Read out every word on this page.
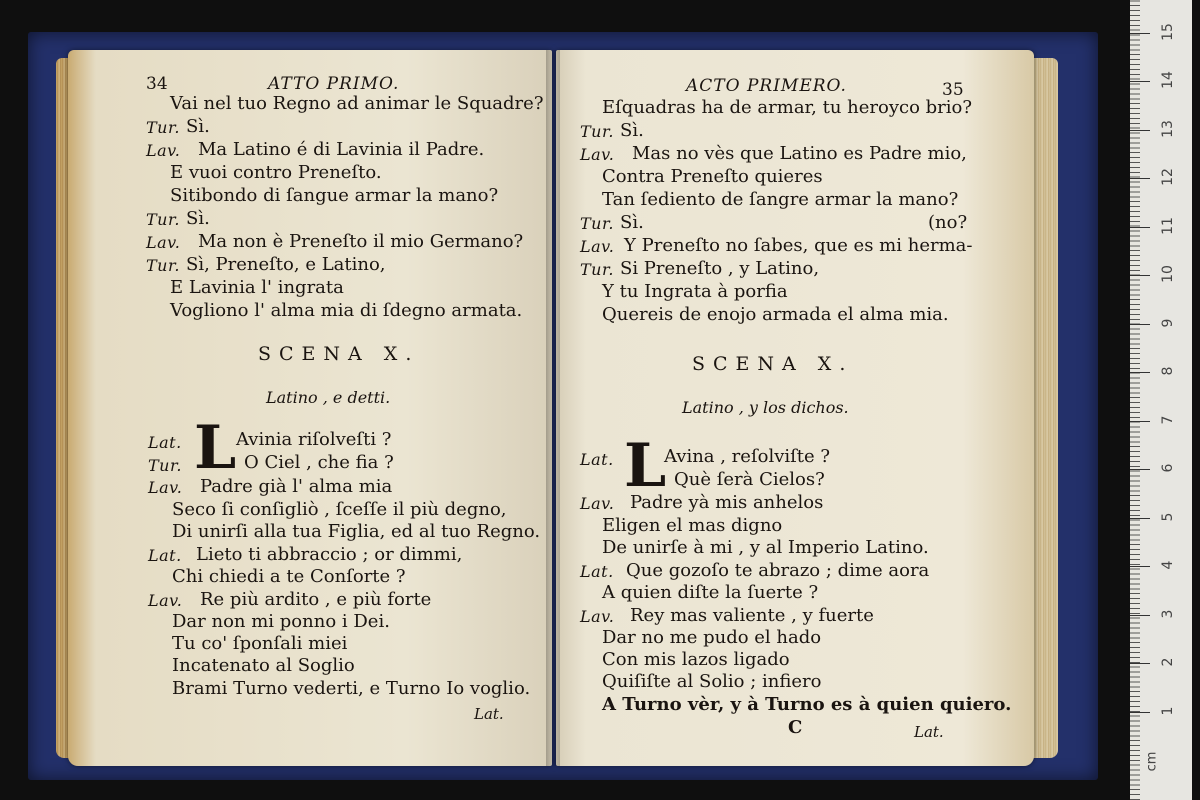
34	ATTO PRIMO.
Vai nel tuo Regno ad animar le Squadre?
Tur. Sì.
Lav. Ma Latino é di Lavinia il Padre.
E vuoi contro Preneſto.
Sitibondo di ſangue armar la mano?
Tur. Sì.
Lav. Ma non è Preneſto il mio Germano?
Tur. Sì, Preneſto, e Latino,
E Lavinia l' ingrata
Vogliono l' alma mia di ſdegno armata.
SCENA X.
Latino , e detti.
L
Lat.	Avinia riſolveſti ?
Tur.	O Ciel , che fia ?
Lav. Padre già l' alma mia
Seco ſi conſigliò , ſceſſe il più degno,
Di unirſi alla tua Figlia, ed al tuo Regno.
Lat. Lieto ti abbraccio ; or dimmi,
Chi chiedi a te Conſorte ?
Lav. Re più ardito , e più forte
Dar non mi ponno i Dei.
Tu co' ſponſali miei
Incatenato al Soglio
Brami Turno vederti, e Turno Io voglio.
Lat.
ACTO PRIMERO.	35
Eſquadras ha de armar, tu heroyco brio?
Tur. Sì.
Lav. Mas no vès que Latino es Padre mio,
Contra Preneſto quieres
Tan ſediento de ſangre armar la mano?
Tur. Sì.	(no?
Lav. Y Preneſto no ſabes, que es mi herma-
Tur. Si Preneſto , y Latino,
Y tu Ingrata à porfia
Quereis de enojo armada el alma mia.
SCENA X.
Latino , y los dichos.
L
Lat.	Avina , reſolviſte ?
Què ſerà Cielos?
Lav. Padre yà mis anhelos
Eligen el mas digno
De unirſe à mi , y al Imperio Latino.
Lat. Que gozoſo te abrazo ; dime aora
A quien diſte la ſuerte ?
Lav. Rey mas valiente , y fuerte
Dar no me pudo el hado
Con mis lazos ligado
Quiſiſte al Solio ; infiero
A Turno vèr, y à Turno es à quien quiero.
C	Lat.
1
2
3
4
5
6
7
8
9
10
11
12
13
14
15
cm
